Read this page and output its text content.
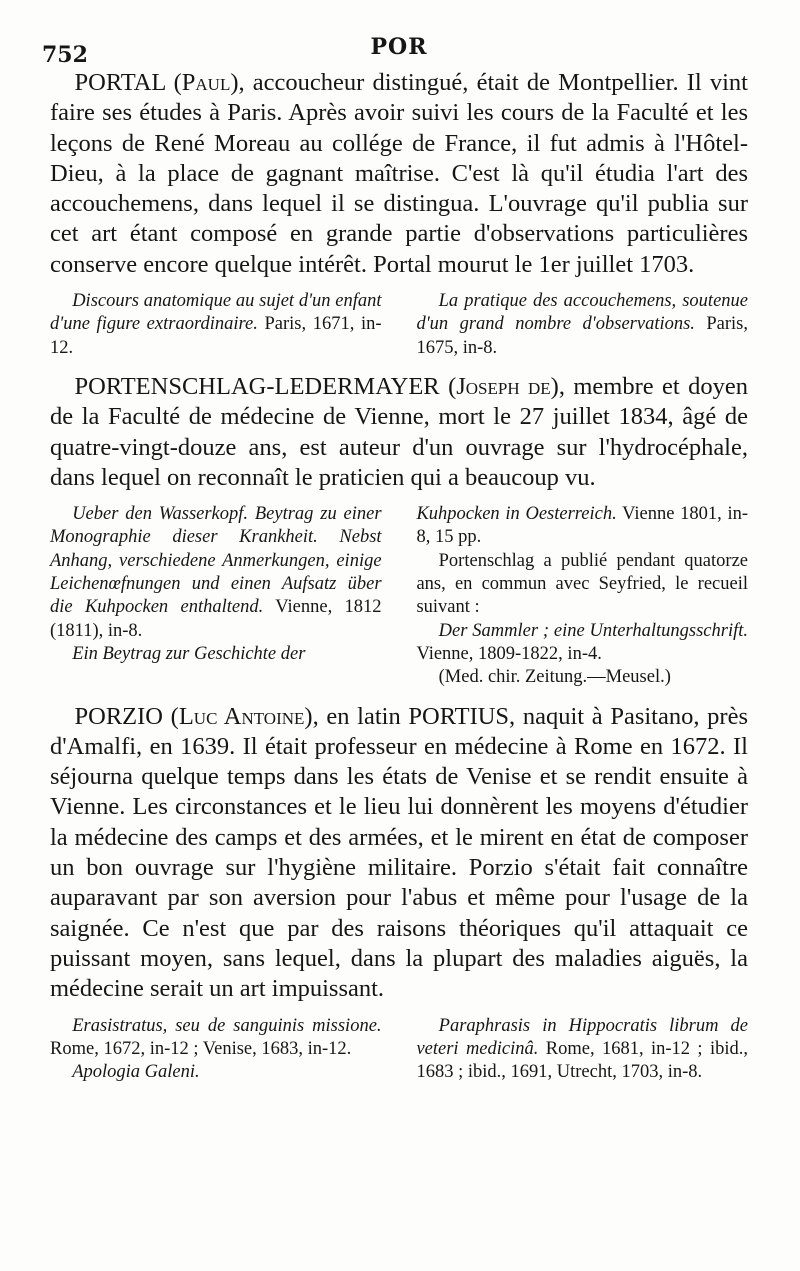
752	POR

 PORTAL (Paul), accoucheur distingué, était de Montpellier. Il vint faire ses études à Paris. Après avoir suivi les cours de la Faculté et les leçons de René Moreau au collége de France, il fut admis à l'Hôtel-Dieu, à la place de gagnant maîtrise. C'est là qu'il étudia l'art des accouchemens, dans lequel il se distingua. L'ouvrage qu'il publia sur cet art étant composé en grande partie d'observations particulières conserve encore quelque intérêt. Portal mourut le 1er juillet 1703.

Discours anatomique au sujet d'un enfant d'une figure extraordinaire. Paris, 1671, in-12.

La pratique des accouchemens, soutenue d'un grand nombre d'observations. Paris, 1675, in-8.

 PORTENSCHLAG-LEDERMAYER (Joseph de), membre et doyen de la Faculté de médecine de Vienne, mort le 27 juillet 1834, âgé de quatre-vingt-douze ans, est auteur d'un ouvrage sur l'hydrocéphale, dans lequel on reconnaît le praticien qui a beaucoup vu.

Ueber den Wasserkopf. Beytrag zu einer Monographie dieser Krankheit. Nebst Anhang, verschiedene Anmerkungen, einige Leichenœfnungen und einen Aufsatz über die Kuhpocken enthaltend. Vienne, 1812 (1811), in-8.

Ein Beytrag zur Geschichte der

Kuhpocken in Oesterreich. Vienne 1801, in-8, 15 pp.

Portenschlag a publié pendant quatorze ans, en commun avec Seyfried, le recueil suivant :

Der Sammler ; eine Unterhaltungsschrift. Vienne, 1809-1822, in-4.

(Med. chir. Zeitung.—Meusel.)

 PORZIO (Luc Antoine), en latin PORTIUS, naquit à Pasitano, près d'Amalfi, en 1639. Il était professeur en médecine à Rome en 1672. Il séjourna quelque temps dans les états de Venise et se rendit ensuite à Vienne. Les circonstances et le lieu lui donnèrent les moyens d'étudier la médecine des camps et des armées, et le mirent en état de composer un bon ouvrage sur l'hygiène militaire. Porzio s'était fait connaître auparavant par son aversion pour l'abus et même pour l'usage de la saignée. Ce n'est que par des raisons théoriques qu'il attaquait ce puissant moyen, sans lequel, dans la plupart des maladies aiguës, la médecine serait un art impuissant.

Erasistratus, seu de sanguinis missione. Rome, 1672, in-12 ; Venise, 1683, in-12.

Apologia Galeni.

Paraphrasis in Hippocratis librum de veteri medicinâ. Rome, 1681, in-12 ; ibid., 1683 ; ibid., 1691, Utrecht, 1703, in-8.
